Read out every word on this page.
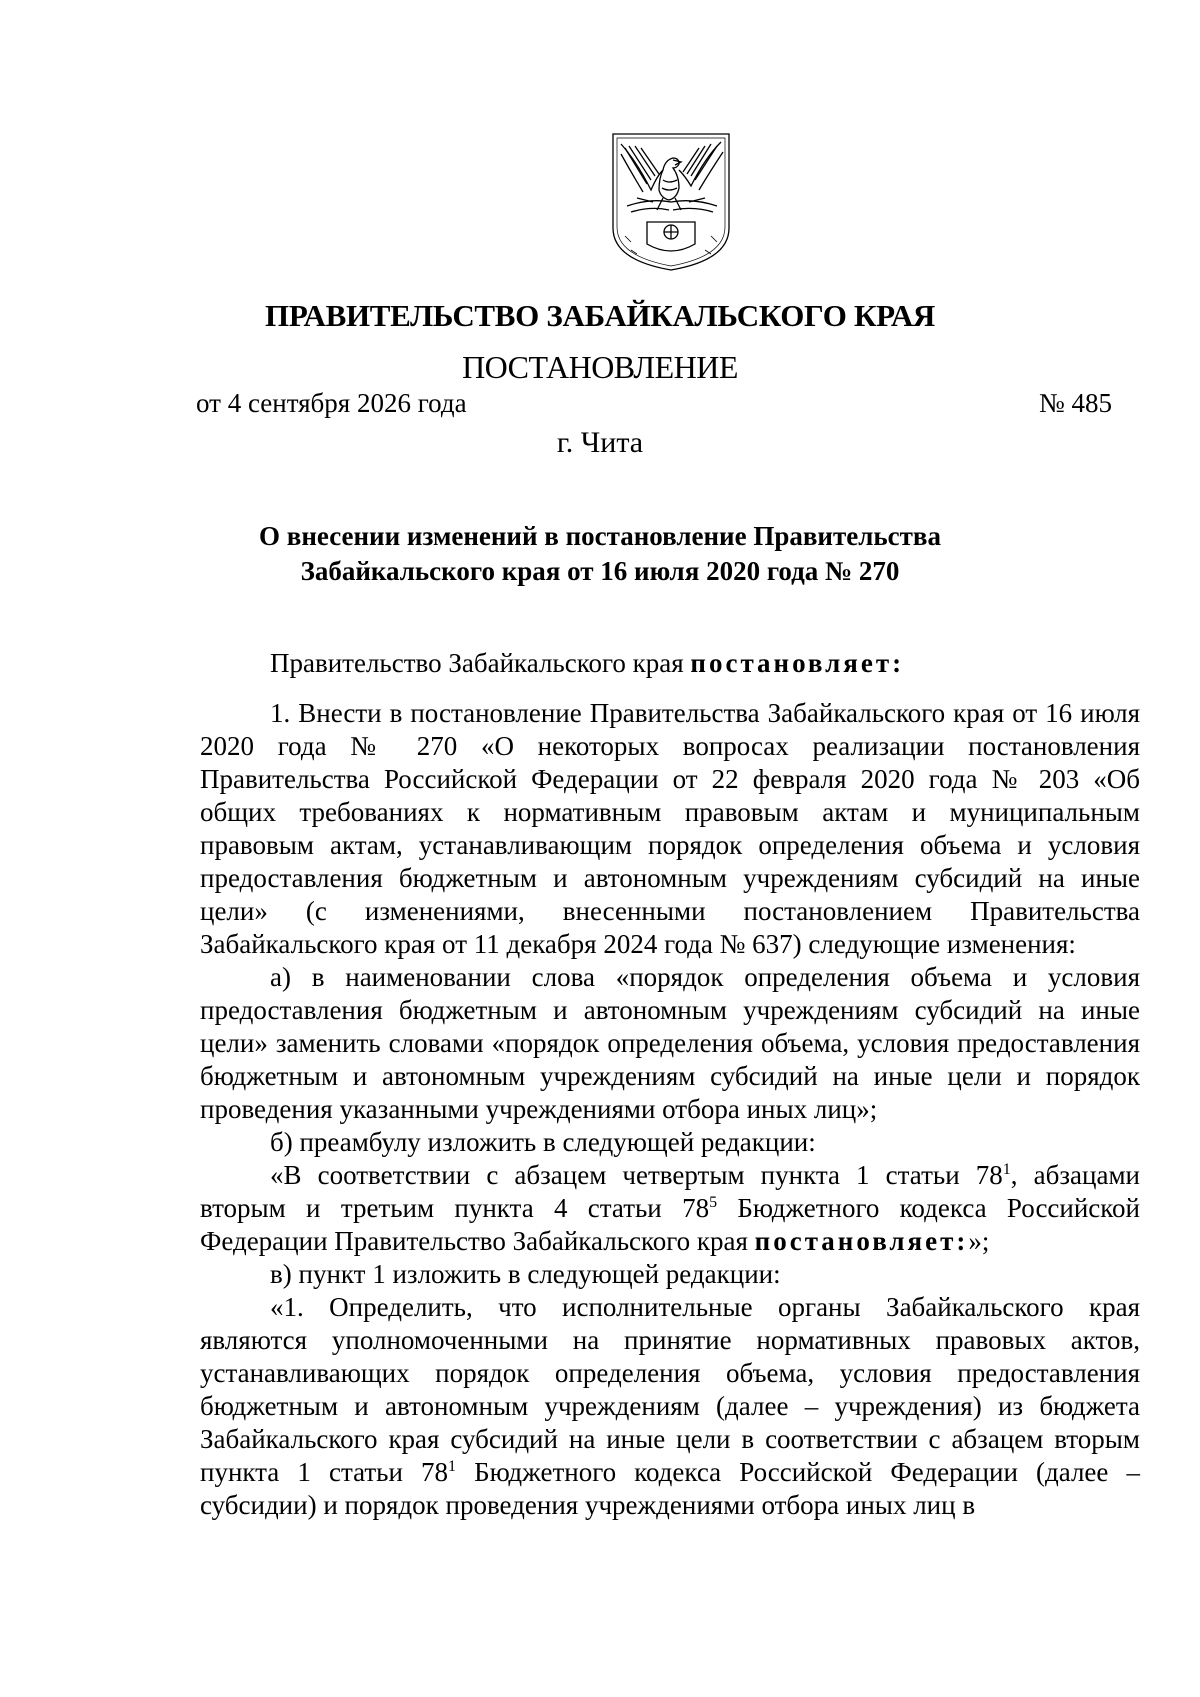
ПРАВИТЕЛЬСТВО ЗАБАЙКАЛЬСКОГО КРАЯ
ПОСТАНОВЛЕНИЕ
от 4 сентября 2026 года	№ 485
г. Чита
О внесении изменений в постановление Правительства
Забайкальского края от 16 июля 2020 года № 270

Правительство Забайкальского края постановляет:

1. Внести в постановление Правительства Забайкальского края от 16 июля 2020 года № 270 «О некоторых вопросах реализации постановления Правительства Российской Федерации от 22 февраля 2020 года № 203 «Об общих требованиях к нормативным правовым актам и муниципальным правовым актам, устанавливающим порядок определения объема и условия предоставления бюджетным и автономным учреждениям субсидий на иные цели» (с изменениями, внесенными постановлением Правительства Забайкальского края от 11 декабря 2024 года № 637) следующие изменения:

а) в наименовании слова «порядок определения объема и условия предоставления бюджетным и автономным учреждениям субсидий на иные цели» заменить словами «порядок определения объема, условия предоставления бюджетным и автономным учреждениям субсидий на иные цели и порядок проведения указанными учреждениями отбора иных лиц»;

б) преамбулу изложить в следующей редакции:

«В соответствии с абзацем четвертым пункта 1 статьи $78^1$, абзацами вторым и третьим пункта 4 статьи $78^5$ Бюджетного кодекса Российской Федерации Правительство Забайкальского края постановляет:»;

в) пункт 1 изложить в следующей редакции:

«1. Определить, что исполнительные органы Забайкальского края являются уполномоченными на принятие нормативных правовых актов, устанавливающих порядок определения объема, условия предоставления бюджетным и автономным учреждениям (далее – учреждения) из бюджета Забайкальского края субсидий на иные цели в соответствии с абзацем вторым пункта 1 статьи $78^1$ Бюджетного кодекса Российской Федерации (далее – субсидии) и порядок проведения учреждениями отбора иных лиц в
